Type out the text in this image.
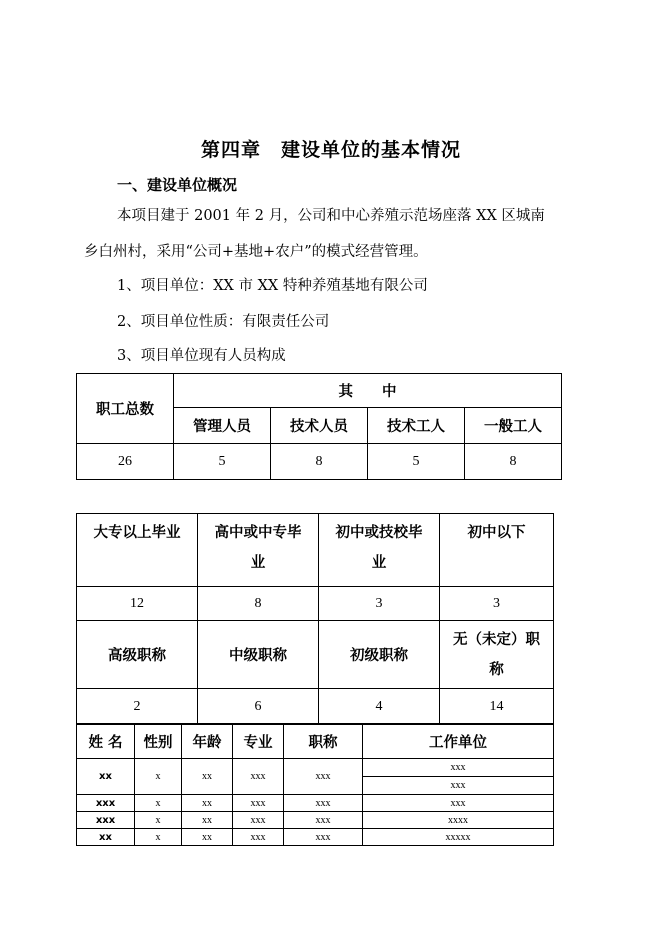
第四章　建设单位的基本情况
一、建设单位概况
本项目建于 2001 年 2 月，公司和中心养殖示范场座落 XX 区城南
乡白州村，采用“公司+基地+农户”的模式经营管理。
1、项目单位：XX 市 XX 特种养殖基地有限公司
2、项目单位性质：有限责任公司
3、项目单位现有人员构成
职工总数	其　　中			
	管理人员	技术人员	技术工人	一般工人
26	5	8	5	8
大专以上毕业	高中或中专毕业	初中或技校毕业	初中以下
12	8	3	3
高级职称	中级职称	初级职称	无（未定）职称
2	6	4	14
姓 名	性别	年龄	专业	职称	工作单位
xx	x	xx	xxx	xxx	xxx
					xxx
xxx	x	xx	xxx	xxx	xxx
xxx	x	xx	xxx	xxx	xxxx
xx	x	xx	xxx	xxx	xxxxx
